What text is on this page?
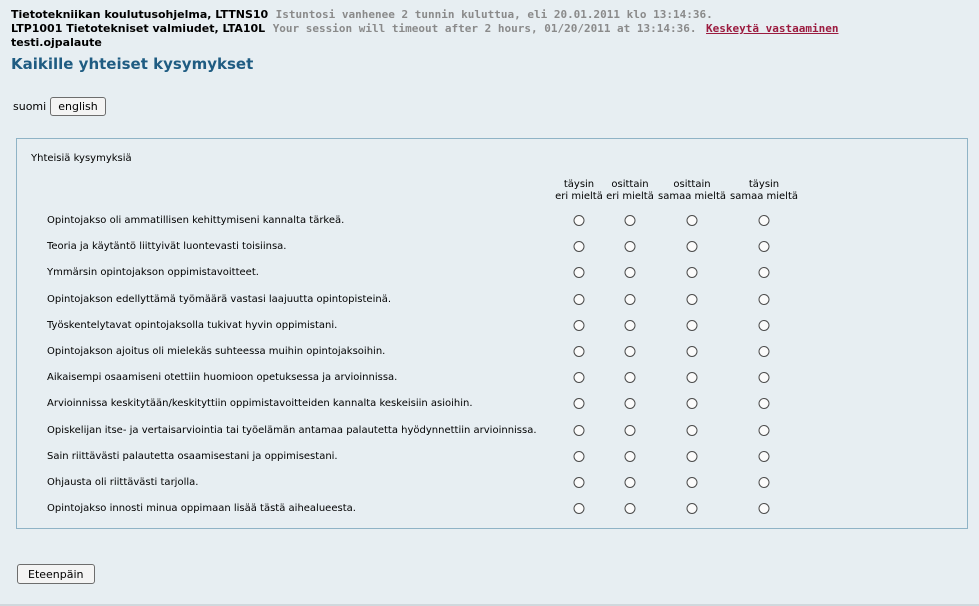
Tietotekniikan koulutusohjelma, LTTNS10 Istuntosi vanhenee 2 tunnin kuluttua, eli 20.01.2011 klo 13:14:36.
LTP1001 Tietotekniset valmiudet, LTA10L Your session will timeout after 2 hours, 01/20/2011 at 13:14:36. Keskeytä vastaaminen
testi.ojpalaute
Kaikille yhteiset kysymykset
suomi	english
Yhteisiä kysymyksiä
täysin
eri mieltä
osittain
eri mieltä
osittain
samaa mieltä
täysin
samaa mieltä
Opintojakso oli ammatillisen kehittymiseni kannalta tärkeä.
Teoria ja käytäntö liittyivät luontevasti toisiinsa.
Ymmärsin opintojakson oppimistavoitteet.
Opintojakson edellyttämä työmäärä vastasi laajuutta opintopisteinä.
Työskentelytavat opintojaksolla tukivat hyvin oppimistani.
Opintojakson ajoitus oli mielekäs suhteessa muihin opintojaksoihin.
Aikaisempi osaamiseni otettiin huomioon opetuksessa ja arvioinnissa.
Arvioinnissa keskitytään/keskityttiin oppimistavoitteiden kannalta keskeisiin asioihin.
Opiskelijan itse- ja vertaisarviointia tai työelämän antamaa palautetta hyödynnettiin arvioinnissa.
Sain riittävästi palautetta osaamisestani ja oppimisestani.
Ohjausta oli riittävästi tarjolla.
Opintojakso innosti minua oppimaan lisää tästä aihealueesta.
Eteenpäin
